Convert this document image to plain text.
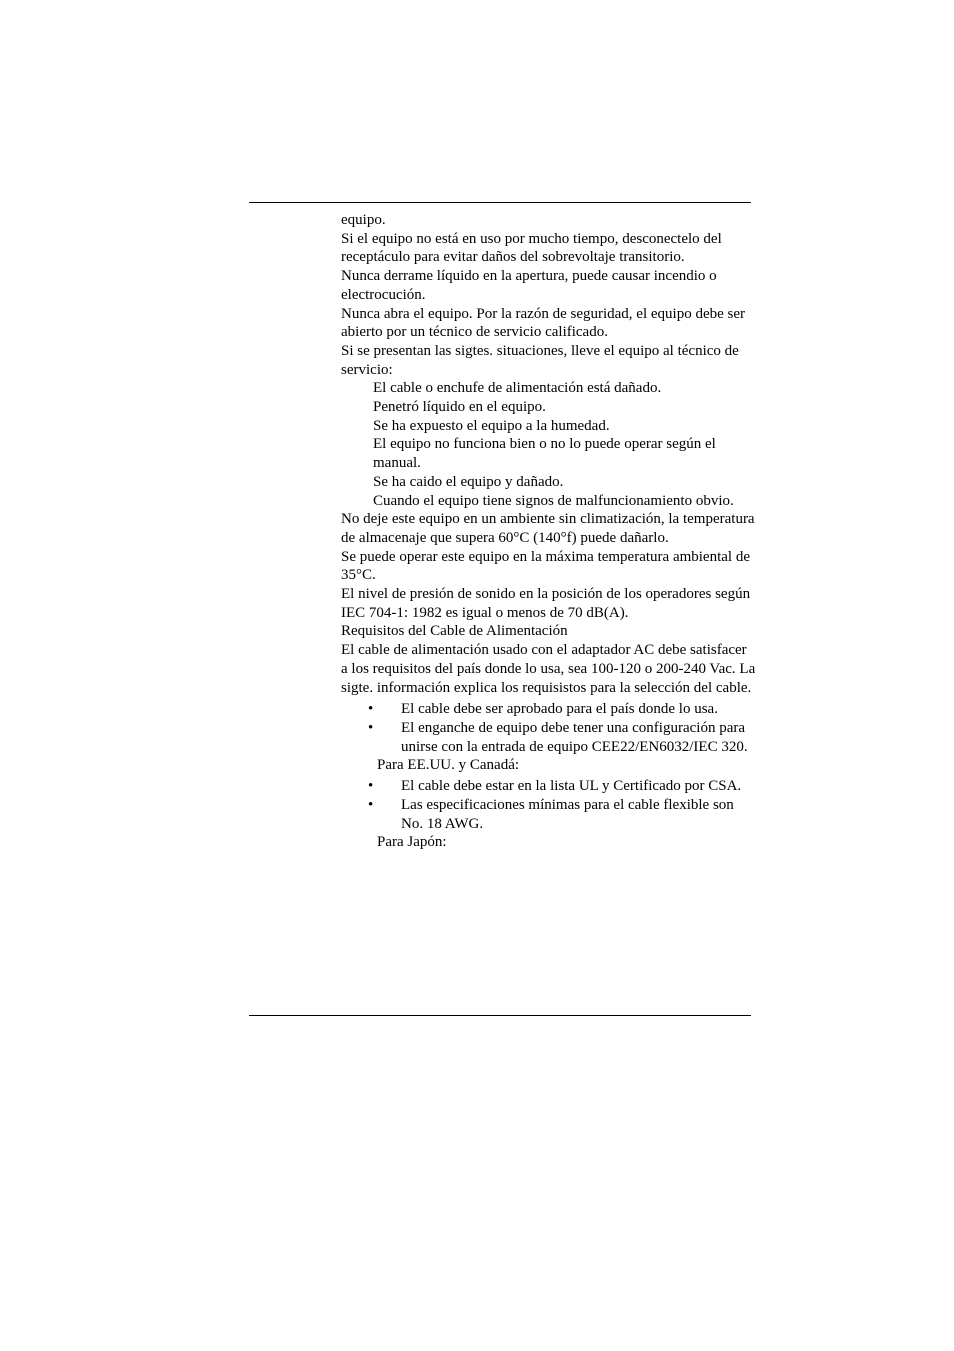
equipo.

Si el equipo no está en uso por mucho tiempo, desconectelo del receptáculo para evitar daños del sobrevoltaje transitorio.

Nunca derrame líquido en la apertura, puede causar incendio o electrocución.

Nunca abra el equipo. Por la razón de seguridad, el equipo debe ser abierto por un técnico de servicio calificado.

Si se presentan las sigtes. situaciones, lleve el equipo al técnico de servicio:

El cable o enchufe de alimentación está dañado.

Penetró líquido en el equipo.

Se ha expuesto el equipo a la humedad.

El equipo no funciona bien o no lo puede operar según el manual.

Se ha caido el equipo y dañado.

Cuando el equipo tiene signos de malfuncionamiento obvio.

No deje este equipo en un ambiente sin climatización, la temperatura de almacenaje que supera 60°C (140°f) puede dañarlo.

Se puede operar este equipo en la máxima temperatura ambiental de 35°C.

El nivel de presión de sonido en la posición de los operadores según IEC 704-1: 1982 es igual o menos de 70 dB(A).

Requisitos del Cable de Alimentación

El cable de alimentación usado con el adaptador AC debe satisfacer a los requisitos del país donde lo usa, sea 100-120 o 200-240 Vac. La sigte. información explica los requisistos para la selección del cable.

• El cable debe ser aprobado para el país donde lo usa.
• El enganche de equipo debe tener una configuración para unirse con la entrada de equipo CEE22/EN6032/IEC 320.

Para EE.UU. y Canadá:

• El cable debe estar en la lista UL y Certificado por CSA.
• Las especificaciones mínimas para el cable flexible son No. 18 AWG.

Para Japón:
